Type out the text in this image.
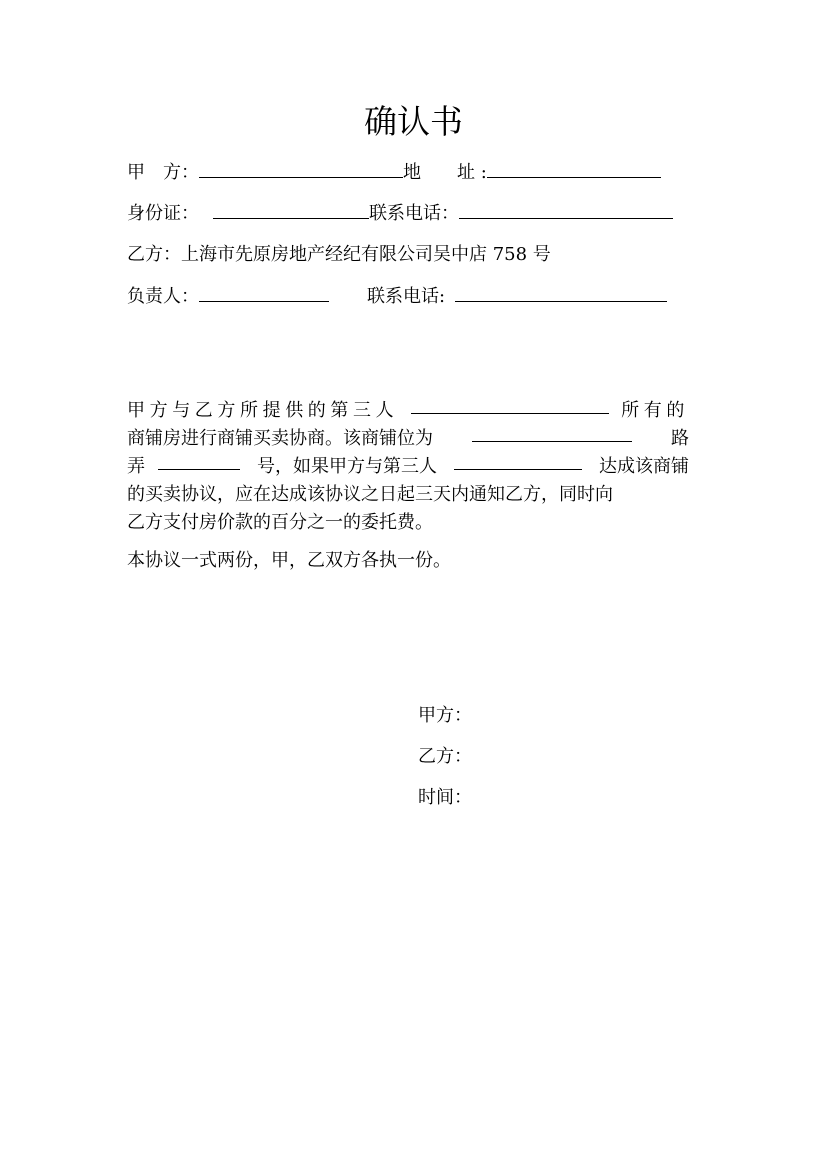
确认书
甲　方：	地　　址 :
身份证：	联系电话：
乙方：上海市先原房地产经纪有限公司吴中店 758 号
负责人：	联系电话:
甲方与乙方所提供的第三人	所有的
商铺房进行商铺买卖协商。该商铺位为	路
弄	号，如果甲方与第三人	达成该商铺
的买卖协议，应在达成该协议之日起三天内通知乙方，同时向
乙方支付房价款的百分之一的委托费。
本协议一式两份，甲，乙双方各执一份。
甲方：
乙方：
时间：
